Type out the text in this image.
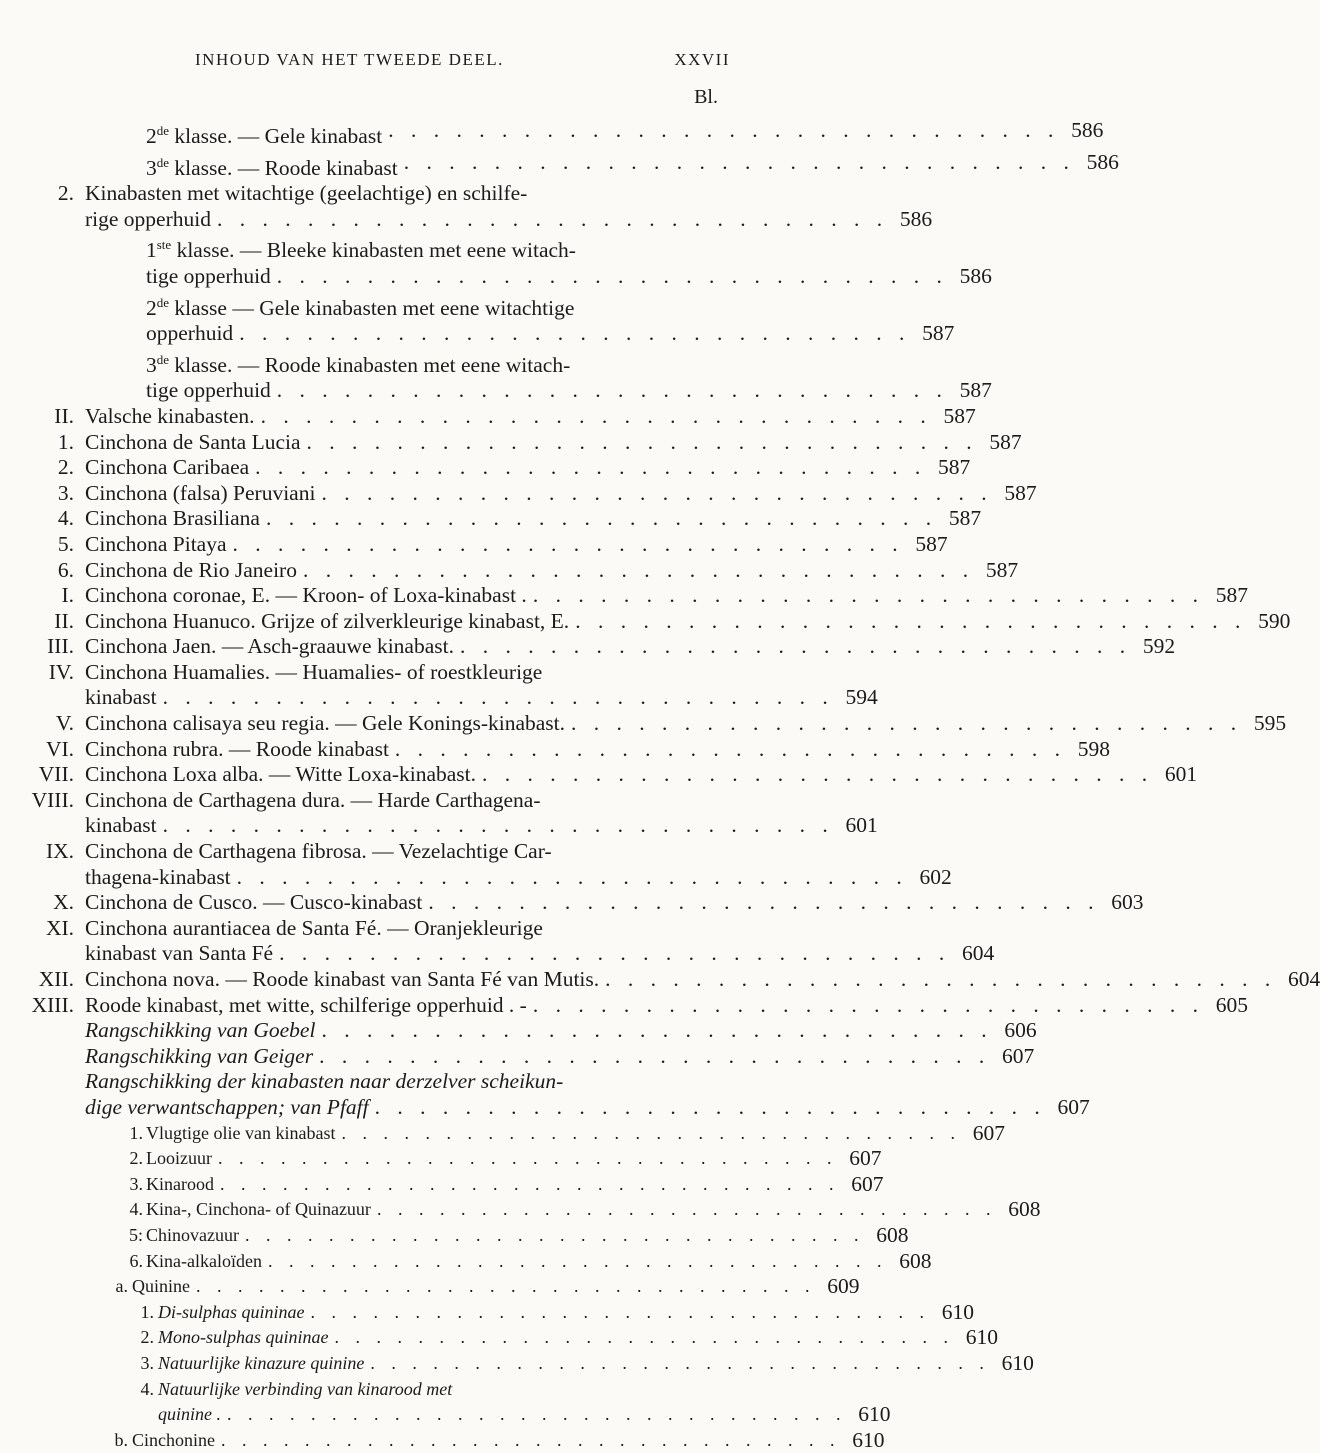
INHOUD VAN HET TWEEDE DEEL.	XXVII
Bl.
2de klasse. — Gele kinabast . . . . . . . . . . . . . . . . . . . . . . . . . . . . . . 586
3de klasse. — Roode kinabast . . . . . . . . . . . . . . . . . . . . . . . . . . . . . . 586
2. Kinabasten met witachtige (geelachtige) en schilfe-
rige opperhuid . . . . . . . . . . . . . . . . . . . . . . . . . . . . . . 586
1ste klasse. — Bleeke kinabasten met eene witach-
tige opperhuid . . . . . . . . . . . . . . . . . . . . . . . . . . . . . . 586
2de klasse — Gele kinabasten met eene witachtige
opperhuid . . . . . . . . . . . . . . . . . . . . . . . . . . . . . . 587
3de klasse. — Roode kinabasten met eene witach-
tige opperhuid . . . . . . . . . . . . . . . . . . . . . . . . . . . . . . 587
II. Valsche kinabasten. . . . . . . . . . . . . . . . . . . . . . . . . . . . . . . 587
1. Cinchona de Santa Lucia . . . . . . . . . . . . . . . . . . . . . . . . . . . . . . 587
2. Cinchona Caribaea . . . . . . . . . . . . . . . . . . . . . . . . . . . . . . 587
3. Cinchona (falsa) Peruviani . . . . . . . . . . . . . . . . . . . . . . . . . . . . . . 587
4. Cinchona Brasiliana . . . . . . . . . . . . . . . . . . . . . . . . . . . . . . 587
5. Cinchona Pitaya . . . . . . . . . . . . . . . . . . . . . . . . . . . . . . 587
6. Cinchona de Rio Janeiro . . . . . . . . . . . . . . . . . . . . . . . . . . . . . . 587
I. Cinchona coronae, E. — Kroon- of Loxa-kinabast . . . . . . . . . . . . . . . . . . . . . . . . . . . . . . . 587
II. Cinchona Huanuco. Grijze of zilverkleurige kinabast, E. . . . . . . . . . . . . . . . . . . . . . . . . . . . . . . 590
III. Cinchona Jaen. — Asch-graauwe kinabast. . . . . . . . . . . . . . . . . . . . . . . . . . . . . . . 592
IV. Cinchona Huamalies. — Huamalies- of roestkleurige
kinabast . . . . . . . . . . . . . . . . . . . . . . . . . . . . . . 594
V. Cinchona calisaya seu regia. — Gele Konings-kinabast. . . . . . . . . . . . . . . . . . . . . . . . . . . . . . . 595
VI. Cinchona rubra. — Roode kinabast . . . . . . . . . . . . . . . . . . . . . . . . . . . . . . 598
VII. Cinchona Loxa alba. — Witte Loxa-kinabast. . . . . . . . . . . . . . . . . . . . . . . . . . . . . . . 601
VIII. Cinchona de Carthagena dura. — Harde Carthagena-
kinabast . . . . . . . . . . . . . . . . . . . . . . . . . . . . . . 601
IX. Cinchona de Carthagena fibrosa. — Vezelachtige Car-
thagena-kinabast . . . . . . . . . . . . . . . . . . . . . . . . . . . . . . 602
X. Cinchona de Cusco. — Cusco-kinabast . . . . . . . . . . . . . . . . . . . . . . . . . . . . . . 603
XI. Cinchona aurantiacea de Santa Fé. — Oranjekleurige
kinabast van Santa Fé . . . . . . . . . . . . . . . . . . . . . . . . . . . . . . 604
XII. Cinchona nova. — Roode kinabast van Santa Fé van Mutis. . . . . . . . . . . . . . . . . . . . . . . . . . . . . . . 604
XIII. Roode kinabast, met witte, schilferige opperhuid . - . . . . . . . . . . . . . . . . . . . . . . . . . . . . . . 605
Rangschikking van Goebel . . . . . . . . . . . . . . . . . . . . . . . . . . . . . . 606
Rangschikking van Geiger . . . . . . . . . . . . . . . . . . . . . . . . . . . . . . 607
Rangschikking der kinabasten naar derzelver scheikun-
dige verwantschappen; van Pfaff . . . . . . . . . . . . . . . . . . . . . . . . . . . . . . 607
1. Vlugtige olie van kinabast . . . . . . . . . . . . . . . . . . . . . . . . . . . . . . 607
2. Looizuur . . . . . . . . . . . . . . . . . . . . . . . . . . . . . . 607
3. Kinarood . . . . . . . . . . . . . . . . . . . . . . . . . . . . . . 607
4. Kina-, Cinchona- of Quinazuur . . . . . . . . . . . . . . . . . . . . . . . . . . . . . . 608
5: Chinovazuur . . . . . . . . . . . . . . . . . . . . . . . . . . . . . . 608
6. Kina-alkaloïden . . . . . . . . . . . . . . . . . . . . . . . . . . . . . . 608
a. Quinine . . . . . . . . . . . . . . . . . . . . . . . . . . . . . . 609
1. Di-sulphas quininae . . . . . . . . . . . . . . . . . . . . . . . . . . . . . . 610
2. Mono-sulphas quininae . . . . . . . . . . . . . . . . . . . . . . . . . . . . . . 610
3. Natuurlijke kinazure quinine . . . . . . . . . . . . . . . . . . . . . . . . . . . . . . 610
4. Natuurlijke verbinding van kinarood met
quinine . . . . . . . . . . . . . . . . . . . . . . . . . . . . . . . 610
b. Cinchonine . . . . . . . . . . . . . . . . . . . . . . . . . . . . . . 610
